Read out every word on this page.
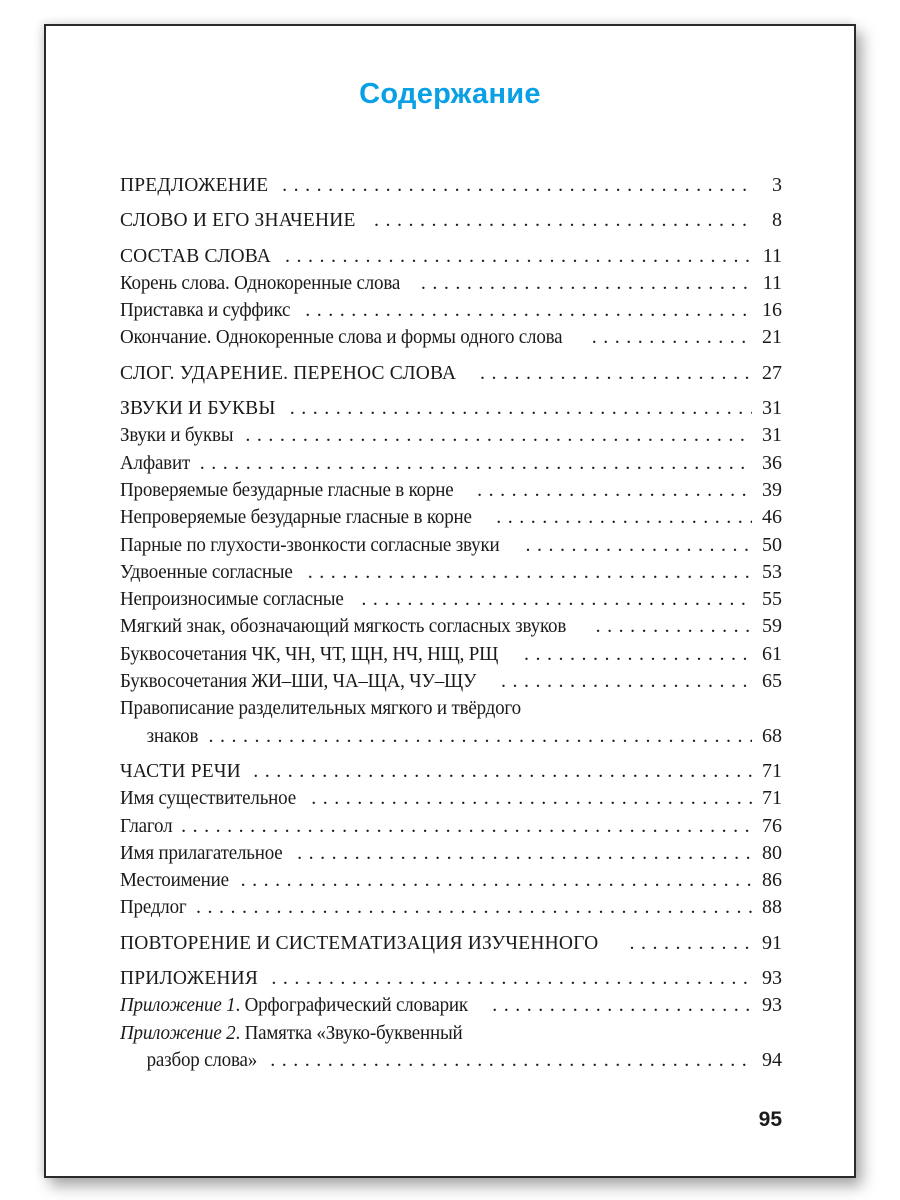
Содержание
ПРЕДЛОЖЕНИЕ . . .	3
СЛОВО И ЕГО ЗНАЧЕНИЕ . . .	8
СОСТАВ СЛОВА . . .	11
Корень слова. Однокоренные слова . . .	11
Приставка и суффикс . . .	16
Окончание. Однокоренные слова и формы одного слова . . .	21
СЛОГ. УДАРЕНИЕ. ПЕРЕНОС СЛОВА . . .	27
ЗВУКИ И БУКВЫ . . .	31
Звуки и буквы . . .	31
Алфавит . . .	36
Проверяемые безударные гласные в корне . . .	39
Непроверяемые безударные гласные в корне . . .	46
Парные по глухости-звонкости согласные звуки . . .	50
Удвоенные согласные . . .	53
Непроизносимые согласные . . .	55
Мягкий знак, обозначающий мягкость согласных звуков . . .	59
Буквосочетания ЧК, ЧН, ЧТ, ЩН, НЧ, НЩ, РЩ . . .	61
Буквосочетания ЖИ–ШИ, ЧА–ЩА, ЧУ–ЩУ . . .	65
Правописание разделительных мягкого и твёрдого
знаков . . .	68
ЧАСТИ РЕЧИ . . .	71
Имя существительное . . .	71
Глагол . . .	76
Имя прилагательное . . .	80
Местоимение . . .	86
Предлог . . .	88
ПОВТОРЕНИЕ И СИСТЕМАТИЗАЦИЯ ИЗУЧЕННОГО . . .	91
ПРИЛОЖЕНИЯ . . .	93
Приложение 1. Орфографический словарик . . .	93
Приложение 2. Памятка «Звуко-буквенный
разбор слова» . . .	94
95
